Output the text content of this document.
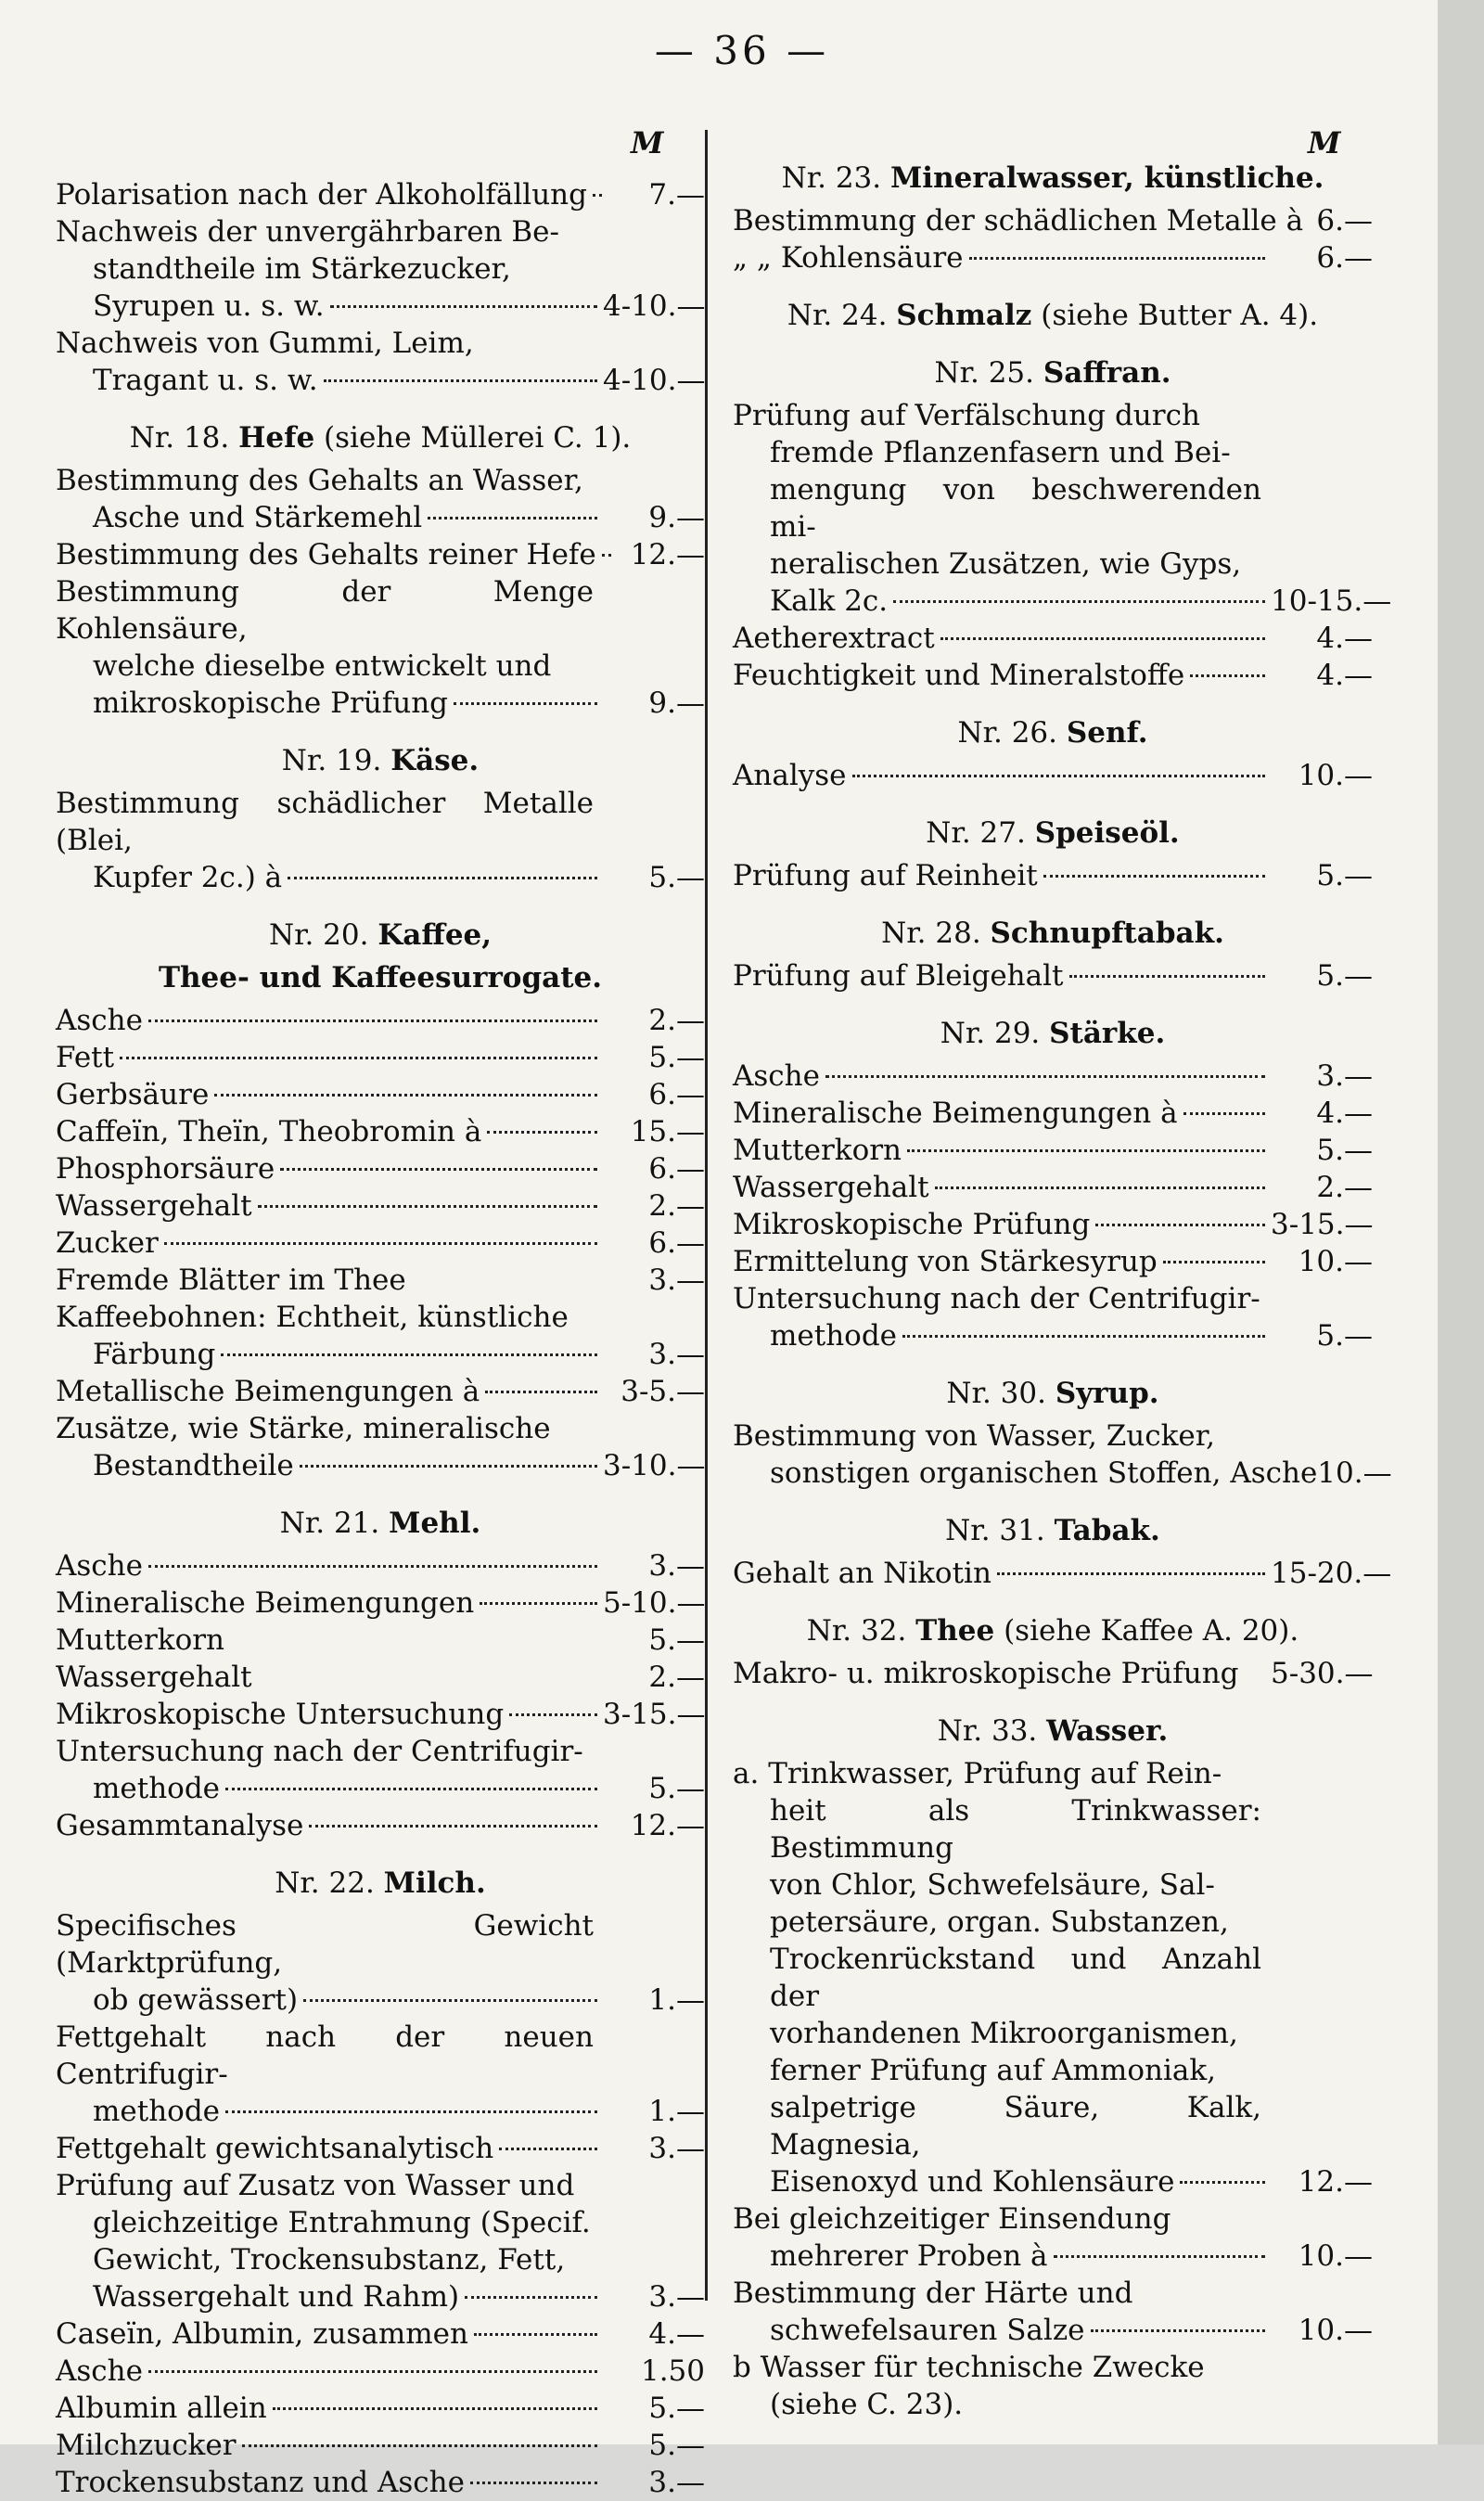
— 36 —
M	M
Polarisation nach der Alkoholfällung	7.—
Nachweis der unvergährbaren Be-
standtheile im Stärkezucker,
Syrupen u. s. w.	4-10.—
Nachweis von Gummi, Leim,
Tragant u. s. w.	4-10.—
Nr. 18. Hefe (siehe Müllerei C. 1).
Bestimmung des Gehalts an Wasser,
Asche und Stärkemehl	9.—
Bestimmung des Gehalts reiner Hefe	12.—
Bestimmung der Menge Kohlensäure,
welche dieselbe entwickelt und
mikroskopische Prüfung	9.—
Nr. 19. Käse.
Bestimmung schädlicher Metalle (Blei,
Kupfer 2c.) à	5.—
Nr. 20. Kaffee,
Thee- und Kaffeesurrogate.
Asche	2.—
Fett	5.—
Gerbsäure	6.—
Caffeïn, Theïn, Theobromin à	15.—
Phosphorsäure	6.—
Wassergehalt	2.—
Zucker	6.—
Fremde Blätter im Thee	3.—
Kaffeebohnen: Echtheit, künstliche
Färbung	3.—
Metallische Beimengungen à	3-5.—
Zusätze, wie Stärke, mineralische
Bestandtheile	3-10.—
Nr. 21. Mehl.
Asche	3.—
Mineralische Beimengungen	5-10.—
Mutterkorn	5.—
Wassergehalt	2.—
Mikroskopische Untersuchung	3-15.—
Untersuchung nach der Centrifugir-
methode	5.—
Gesammtanalyse	12.—
Nr. 22. Milch.
Specifisches Gewicht (Marktprüfung,
ob gewässert)	1.—
Fettgehalt nach der neuen Centrifugir-
methode	1.—
Fettgehalt gewichtsanalytisch	3.—
Prüfung auf Zusatz von Wasser und
gleichzeitige Entrahmung (Specif.
Gewicht, Trockensubstanz, Fett,
Wassergehalt und Rahm)	3.—
Caseïn, Albumin, zusammen	4.—
Asche	1.50
Albumin allein	5.—
Milchzucker	5.—
Trockensubstanz und Asche	3.—
Nr. 23. Mineralwasser, künstliche.
Bestimmung der schädlichen Metalle à 6.—
„ „ Kohlensäure	6.—
Nr. 24. Schmalz (siehe Butter A. 4).
Nr. 25. Saffran.
Prüfung auf Verfälschung durch
fremde Pflanzenfasern und Bei-
mengung von beschwerenden mi-
neralischen Zusätzen, wie Gyps,
Kalk 2c.	10-15.—
Aetherextract	4.—
Feuchtigkeit und Mineralstoffe	4.—
Nr. 26. Senf.
Analyse	10.—
Nr. 27. Speiseöl.
Prüfung auf Reinheit	5.—
Nr. 28. Schnupftabak.
Prüfung auf Bleigehalt	5.—
Nr. 29. Stärke.
Asche	3.—
Mineralische Beimengungen à	4.—
Mutterkorn	5.—
Wassergehalt	2.—
Mikroskopische Prüfung	3-15.—
Ermittelung von Stärkesyrup	10.—
Untersuchung nach der Centrifugir-
methode	5.—
Nr. 30. Syrup.
Bestimmung von Wasser, Zucker,
sonstigen organischen Stoffen, Asche 10.—
Nr. 31. Tabak.
Gehalt an Nikotin	15-20.—
Nr. 32. Thee (siehe Kaffee A. 20).
Makro- u. mikroskopische Prüfung 5-30.—
Nr. 33. Wasser.
a. Trinkwasser, Prüfung auf Rein-
heit als Trinkwasser: Bestimmung
von Chlor, Schwefelsäure, Sal-
petersäure, organ. Substanzen,
Trockenrückstand und Anzahl der
vorhandenen Mikroorganismen,
ferner Prüfung auf Ammoniak,
salpetrige Säure, Kalk, Magnesia,
Eisenoxyd und Kohlensäure	12.—
Bei gleichzeitiger Einsendung
mehrerer Proben à	10.—
Bestimmung der Härte und
schwefelsauren Salze	10.—
b Wasser für technische Zwecke
(siehe C. 23).
